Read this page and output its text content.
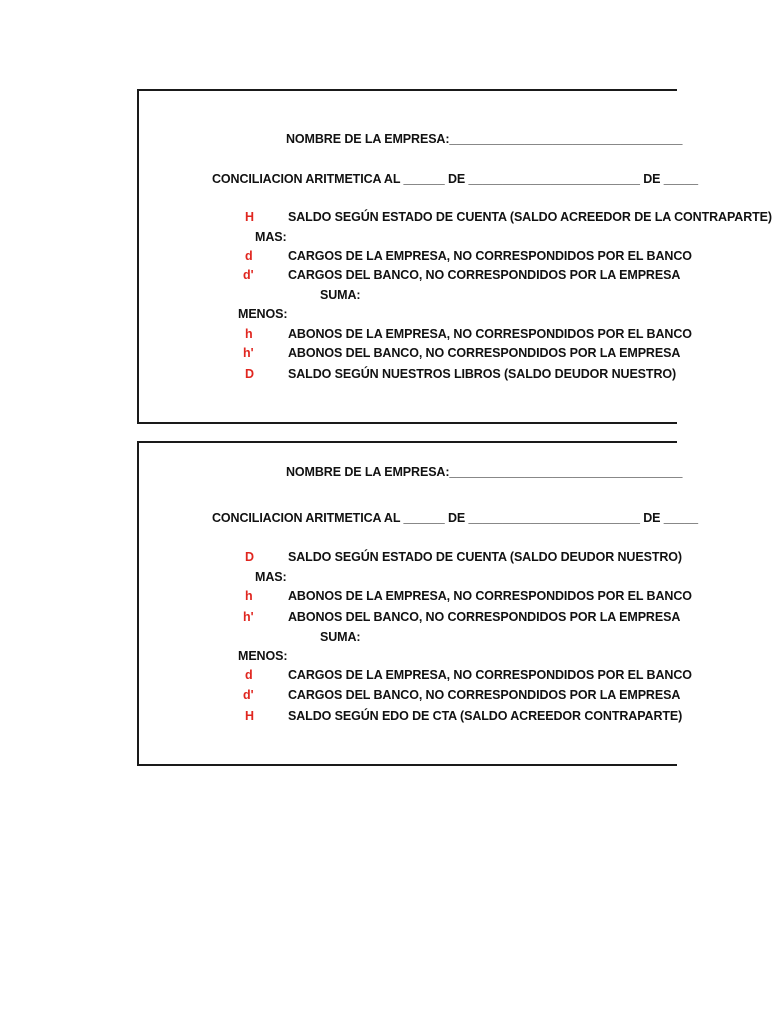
NOMBRE DE LA EMPRESA:__________________________________
CONCILIACION ARITMETICA AL ______ DE _________________________ DE _____
H	SALDO SEGÚN ESTADO DE CUENTA (SALDO ACREEDOR DE LA CONTRAPARTE)
MAS:
d	CARGOS DE LA EMPRESA, NO CORRESPONDIDOS POR EL BANCO
d'	CARGOS DEL BANCO, NO CORRESPONDIDOS POR LA EMPRESA
SUMA:
MENOS:
h	ABONOS DE LA EMPRESA, NO CORRESPONDIDOS POR EL BANCO
h'	ABONOS DEL BANCO, NO CORRESPONDIDOS POR LA EMPRESA
D	SALDO SEGÚN NUESTROS LIBROS (SALDO DEUDOR NUESTRO)
NOMBRE DE LA EMPRESA:__________________________________
CONCILIACION ARITMETICA AL ______ DE _________________________ DE _____
D	SALDO SEGÚN ESTADO DE CUENTA (SALDO DEUDOR NUESTRO)
MAS:
h	ABONOS DE LA EMPRESA, NO CORRESPONDIDOS POR EL BANCO
h'	ABONOS DEL BANCO, NO CORRESPONDIDOS POR LA EMPRESA
SUMA:
MENOS:
d	CARGOS DE LA EMPRESA, NO CORRESPONDIDOS POR EL BANCO
d'	CARGOS DEL BANCO, NO CORRESPONDIDOS POR LA EMPRESA
H	SALDO SEGÚN EDO DE CTA (SALDO ACREEDOR CONTRAPARTE)
